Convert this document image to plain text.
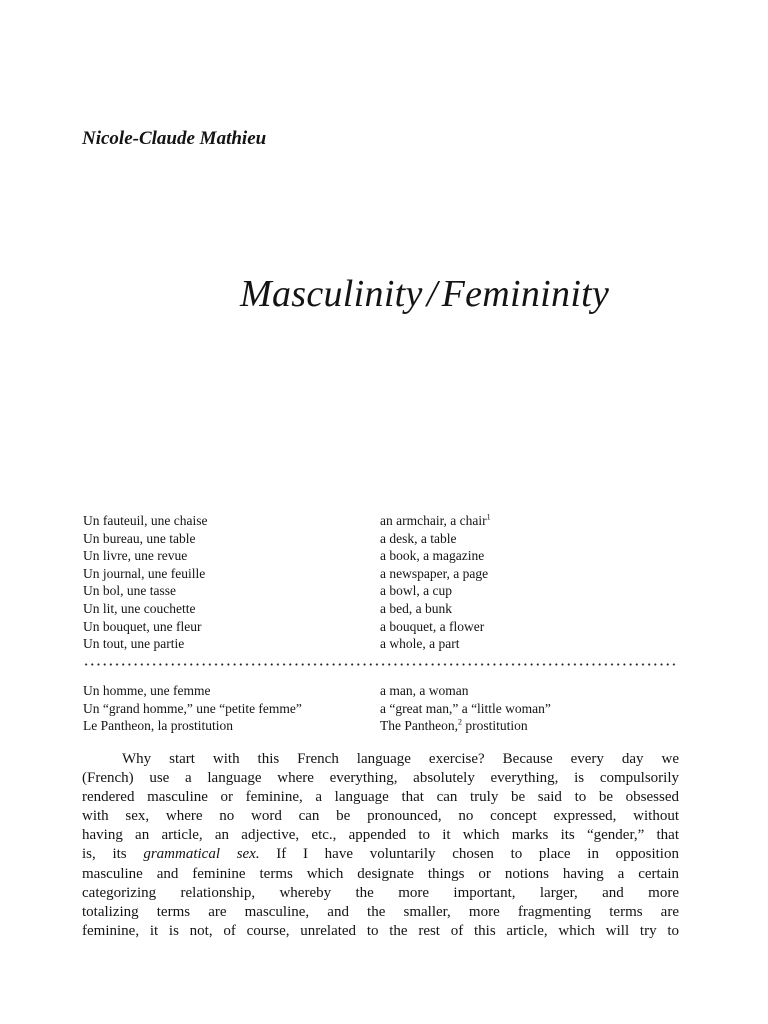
Nicole-Claude Mathieu
Masculinity / Femininity
Un fauteuil, une chaise	an armchair, a chair$^1$
Un bureau, une table	a desk, a table
Un livre, une revue	a book, a magazine
Un journal, une feuille	a newspaper, a page
Un bol, une tasse	a bowl, a cup
Un lit, une couchette	a bed, a bunk
Un bouquet, une fleur	a bouquet, a flower
Un tout, une partie	a whole, a part
Un homme, une femme	a man, a woman
Un “grand homme,” une “petite femme”	a “great man,” a “little woman”
Le Pantheon, la prostitution	The Pantheon,$^2$ prostitution
Why start with this French language exercise? Because every day we
(French) use a language where everything, absolutely everything, is compulsorily
rendered masculine or feminine, a language that can truly be said to be obsessed
with sex, where no word can be pronounced, no concept expressed, without
having an article, an adjective, etc., appended to it which marks its “gender,” that
is, its grammatical sex. If I have voluntarily chosen to place in opposition
masculine and feminine terms which designate things or notions having a certain
categorizing relationship, whereby the more important, larger, and more
totalizing terms are masculine, and the smaller, more fragmenting terms are
feminine, it is not, of course, unrelated to the rest of this article, which will try to
